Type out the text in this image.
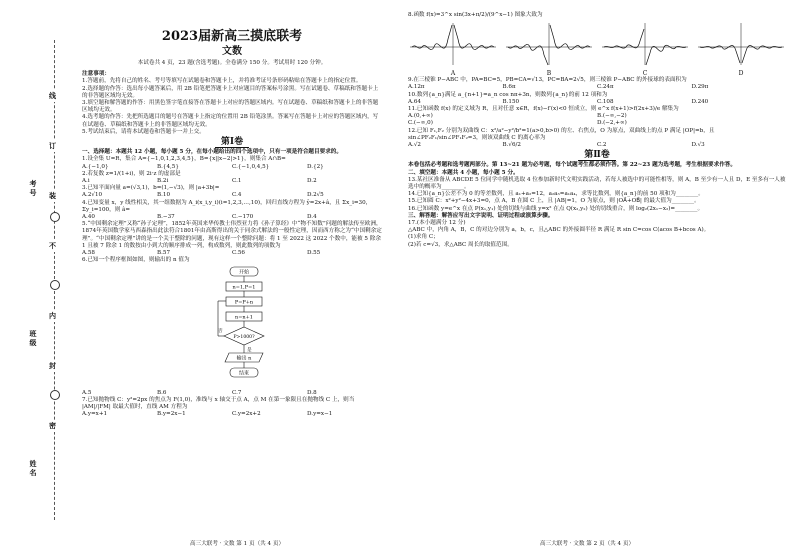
考号
班级
姓名
线
订
装
不
内
封
密
2023届新高三摸底联考
文数
本试卷共 4 页，23 题(含选考题)。全卷满分 150 分。考试用时 120 分钟。
注意事项：

1.答题前，先将自己的姓名、考号等填写在试题卷和答题卡上，并将准考证号条形码粘贴在答题卡上的指定位置。

2.选择题的作答：选出每小题答案后，用 2B 铅笔把答题卡上对应题目的答案标号涂黑。写在试题卷、草稿纸和答题卡上的非答题区域均无效。

3.填空题和解答题的作答：用黑色签字笔直接答在答题卡上对应的答题区域内。写在试题卷、草稿纸和答题卡上的非答题区域均无效。

4.选考题的作答：先把所选题目的题号在答题卡上指定的位置用 2B 铅笔涂黑。答案写在答题卡上对应的答题区域内，写在试题卷、草稿纸和答题卡上的非答题区域均无效。

5.考试结束后，请将本试题卷和答题卡一并上交。

第Ⅰ卷

一、选择题：本题共 12 小题，每小题 5 分，在每小题给出的四个选项中，只有一项是符合题目要求的。

1.设全集 U=R，集合 A={−1,0,1,2,3,4,5}，B={x||x−2|>1}，则集合 A∩B=

A.{−1,0}	B.{4,5}	C.{−1,0,4,5}	D.{2}

2.若复数 z=1/(1+i)，则 2i·z 的虚部是

A.i	B.2i	C.1	D.2

3.已知平面向量 a=(√3,1)，b=(1,−√3)，则 |a+3b|=

A.2√10	B.10	C.4	D.2√5

4.已知变量 x，y 线性相关，其一组数据为 A_i(x_i,y_i)(i=1,2,3,…,10)，回归直线方程为 ŷ=2x+â，且 Σx_i=30，Σy_i=100，则 â=

A.40	B.−37	C.−170	D.4

5.“中国剩余定理”又称“孙子定理”，1852年英国来华传教士伟烈亚力将《孙子算经》中“物不知数”问题的解法传至欧洲，1874年英国数学家马西森指出此法符合1801年由高斯得出的关于同余式解法的一般性定理，因而西方称之为“中国剩余定理”。“中国剩余定理”讲的是一个关于整除的问题，现有这样一个整除问题：将 1 至 2022 这 2022 个数中，能被 5 除余 1 且被 7 除余 1 的数按由小到大的顺序排成一列，构成数列，则此数列的项数为

A.58	B.57	C.56	D.55

6.已知一个程序框图如图，则输出的 n 值为

开始
n=1,P=1
P=P+n
n=n+1
P>1000?
否
是
输出 n
结束
A.5	B.6	C.7	D.8

7.已知抛物线 C：y²=2px 的焦点为 F(1,0)，准线与 x 轴交于点 A，点 M 在第一象限且在抛物线 C 上，则当 |AM|/|FM| 取最大值时，直线 AM 方程为

A.y=x+1	B.y=2x−1	C.y=2x+2	D.y=x−1
高三大联考 · 文数 第 1 页（共 4 页）

8.函数 f(x)=3^x sin(3x+π/2)/(9^x−1) 图象大致为

A	B	C	D

9.在三棱锥 P−ABC 中，PA=BC=5，PB=CA=√13，PC=BA=2√5，则三棱锥 P−ABC 的外接球的表面积为

A.12π	B.6π	C.24π	D.29π

10.数列{a_n}满足 a_{n+1}=a_n cos nπ+3n，则数列{a_n}的前 12 项和为

A.64	B.150	C.108	D.240

11.已知函数 f(x) 的定义域为 R，且对任意 x∈R，f(x)−f′(x)<0 恒成立，则 e^x f(x+1)>f(2x+3)/e 解集为

A.(0,+∞)	B.(−∞,−2)
C.(−∞,0)	D.(−2,+∞)

12.已知 F₁,F₂ 分别为双曲线 C：x²/a²−y²/b²=1(a>0,b>0) 的左、右焦点，O 为原点，双曲线上的点 P 满足 |OP|=b，且 sin∠PF₂F₁/sin∠PF₁F₂=3，则该双曲线 C 的离心率为

A.√2	B.√6/2	C.2	D.√3
第Ⅱ卷

本卷包括必考题和选考题两部分。第 13~21 题为必考题，每个试题考生都必须作答。第 22~23 题为选考题，考生根据要求作答。

二、填空题：本题共 4 小题，每小题 5 分。

13.某社区准备从 ABCDE 5 位同学中随机选取 4 位参加新时代文明实践活动，若每人被选中的可能性相等，则 A，B 至少有一人且 D，E 至多有一人被选中的概率为________。

14.已知{a_n}公差不为 0 的等差数列，且 a₁+a₂=12，a₂a₃=a₁a₄，求等比数列，则{a_n}的前 50 项和为________。

15.已知圆 C：x²+y²−4x+3=0，点 A，B 在圆 C 上，且 |AB|=1，O 为原点，则 |OA⃗+OB⃗| 的最大值为________。

16.已知函数 y=e^x 在点 P(x₁,y₁) 处的切线与曲线 y=x² 在点 Q(x₂,y₂) 处的切线重合，则 log₂(2x₁−x₂)=________。

三、解答题：解答应写出文字说明、证明过程或演算步骤。

17.(本小题满分 12 分)

△ABC 中，内角 A，B，C 的对边分别为 a，b，c，且△ABC 的外接圆半径 R 满足 R sin C=cos C(acos B+bcos A)。

(1)求角 C；

(2)若 c=√3，求△ABC 周长的取值范围。

高三大联考 · 文数 第 2 页（共 4 页）
